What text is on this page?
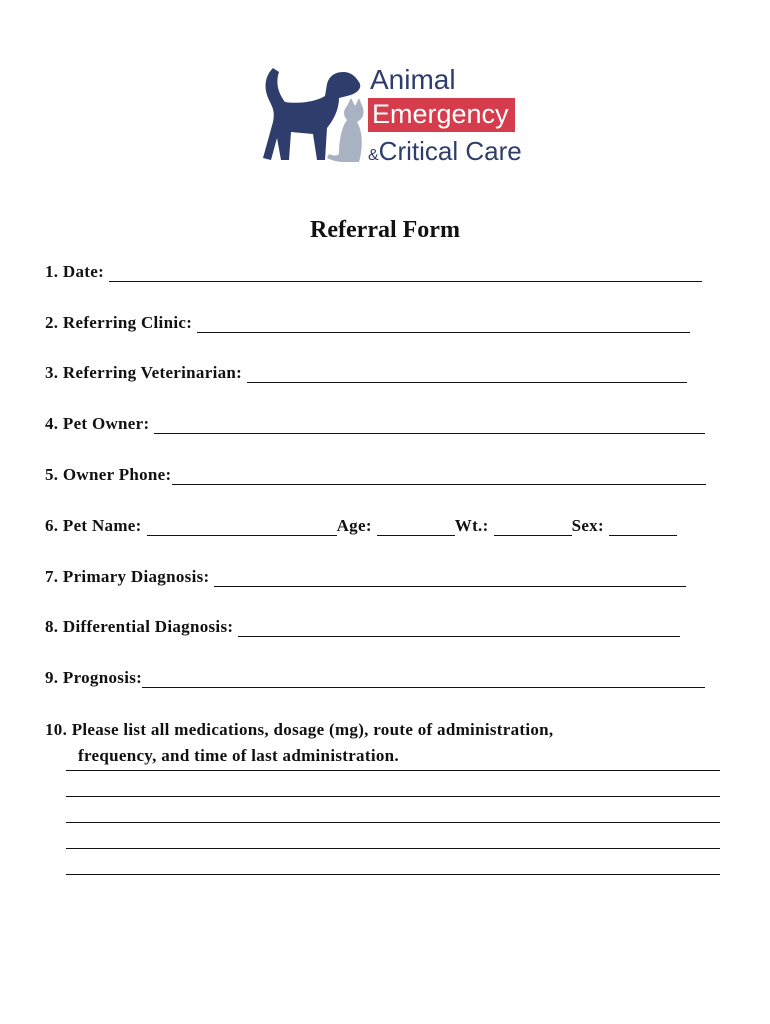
Animal
Emergency
&Critical Care
Referral Form
1. Date:
2. Referring Clinic:
3. Referring Veterinarian:
4. Pet Owner:
5. Owner Phone:
6. Pet Name:	Age:	Wt.:	Sex:
7. Primary Diagnosis:
8. Differential Diagnosis:
9. Prognosis:
10. Please list all medications, dosage (mg), route of administration,
frequency, and time of last administration.
